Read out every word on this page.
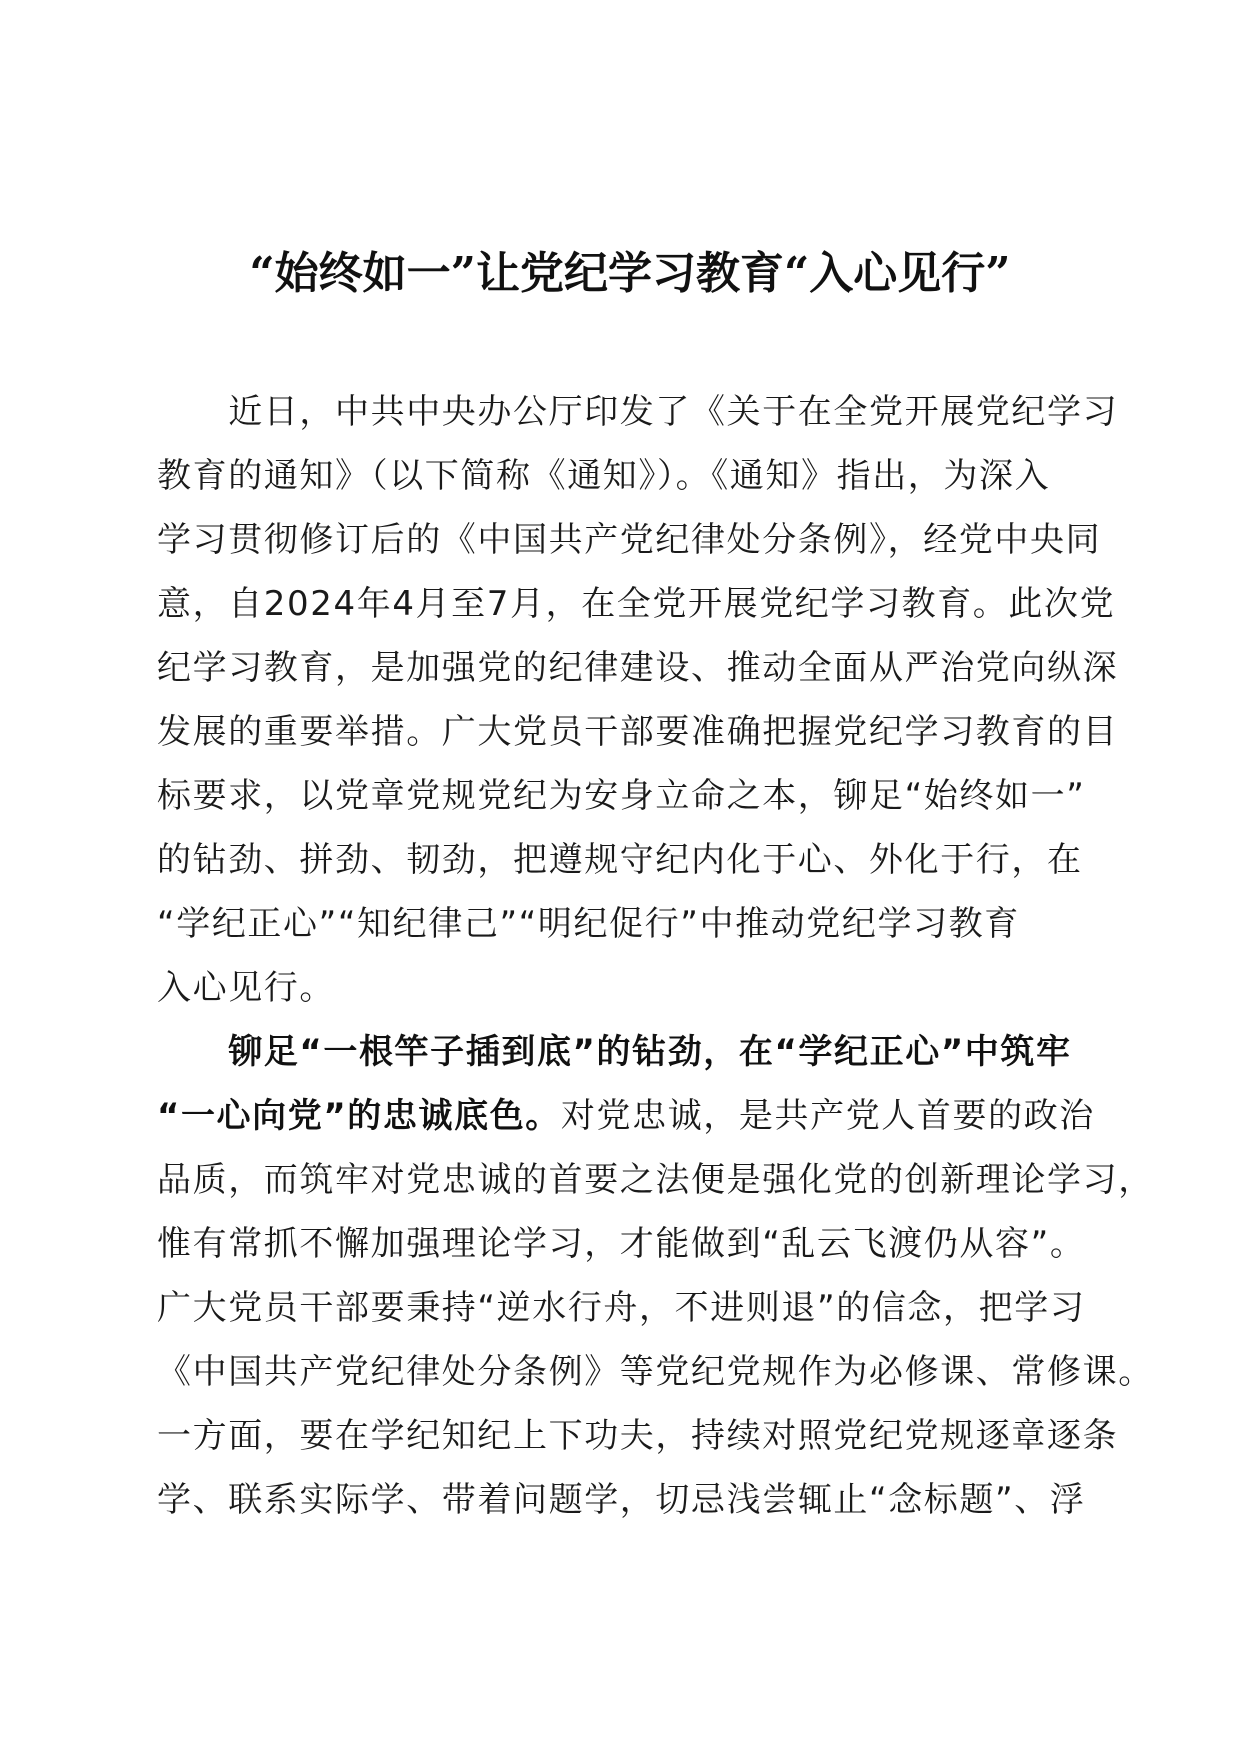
“始终如一”让党纪学习教育“入心见行”
　　近日，中共中央办公厅印发了《关于在全党开展党纪学习
教育的通知》（以下简称《通知》）。《通知》指出，为深入
学习贯彻修订后的《中国共产党纪律处分条例》，经党中央同
意，自2024年4月至7月，在全党开展党纪学习教育。此次党
纪学习教育，是加强党的纪律建设、推动全面从严治党向纵深
发展的重要举措。广大党员干部要准确把握党纪学习教育的目
标要求，以党章党规党纪为安身立命之本，铆足“始终如一”
的钻劲、拼劲、韧劲，把遵规守纪内化于心、外化于行，在
“学纪正心”“知纪律己”“明纪促行”中推动党纪学习教育
入心见行。
　　铆足“一根竿子插到底”的钻劲，在“学纪正心”中筑牢
“一心向党”的忠诚底色。对党忠诚，是共产党人首要的政治
品质，而筑牢对党忠诚的首要之法便是强化党的创新理论学习，
惟有常抓不懈加强理论学习，才能做到“乱云飞渡仍从容”。
广大党员干部要秉持“逆水行舟，不进则退”的信念，把学习
《中国共产党纪律处分条例》等党纪党规作为必修课、常修课。
一方面，要在学纪知纪上下功夫，持续对照党纪党规逐章逐条
学、联系实际学、带着问题学，切忌浅尝辄止“念标题”、浮
